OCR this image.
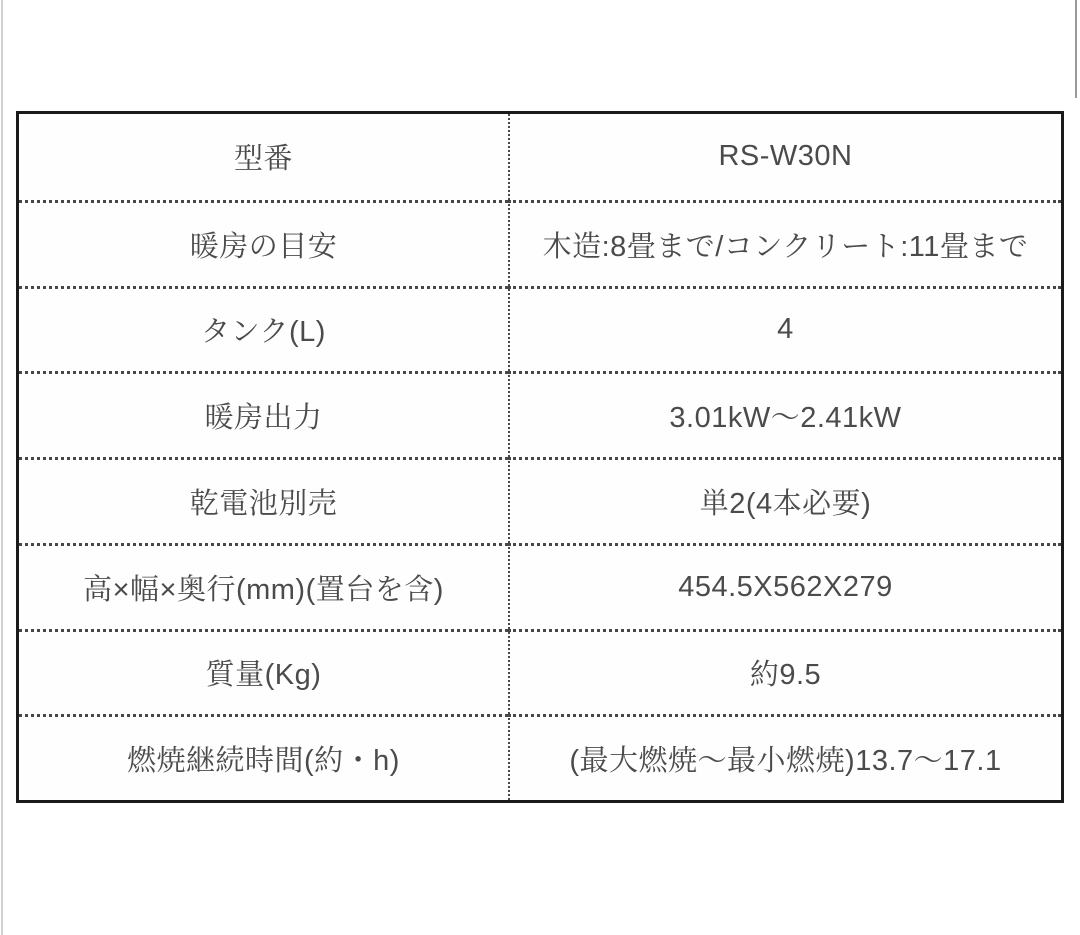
型番	RS-W30N
暖房の目安	木造:8畳まで/コンクリート:11畳まで
タンク(L)	4
暖房出力	3.01kW～2.41kW
乾電池別売	単2(4本必要)
高×幅×奥行(mm)(置台を含)	454.5X562X279
質量(Kg)	約9.5
燃焼継続時間(約・h)	(最大燃焼～最小燃焼)13.7～17.1
